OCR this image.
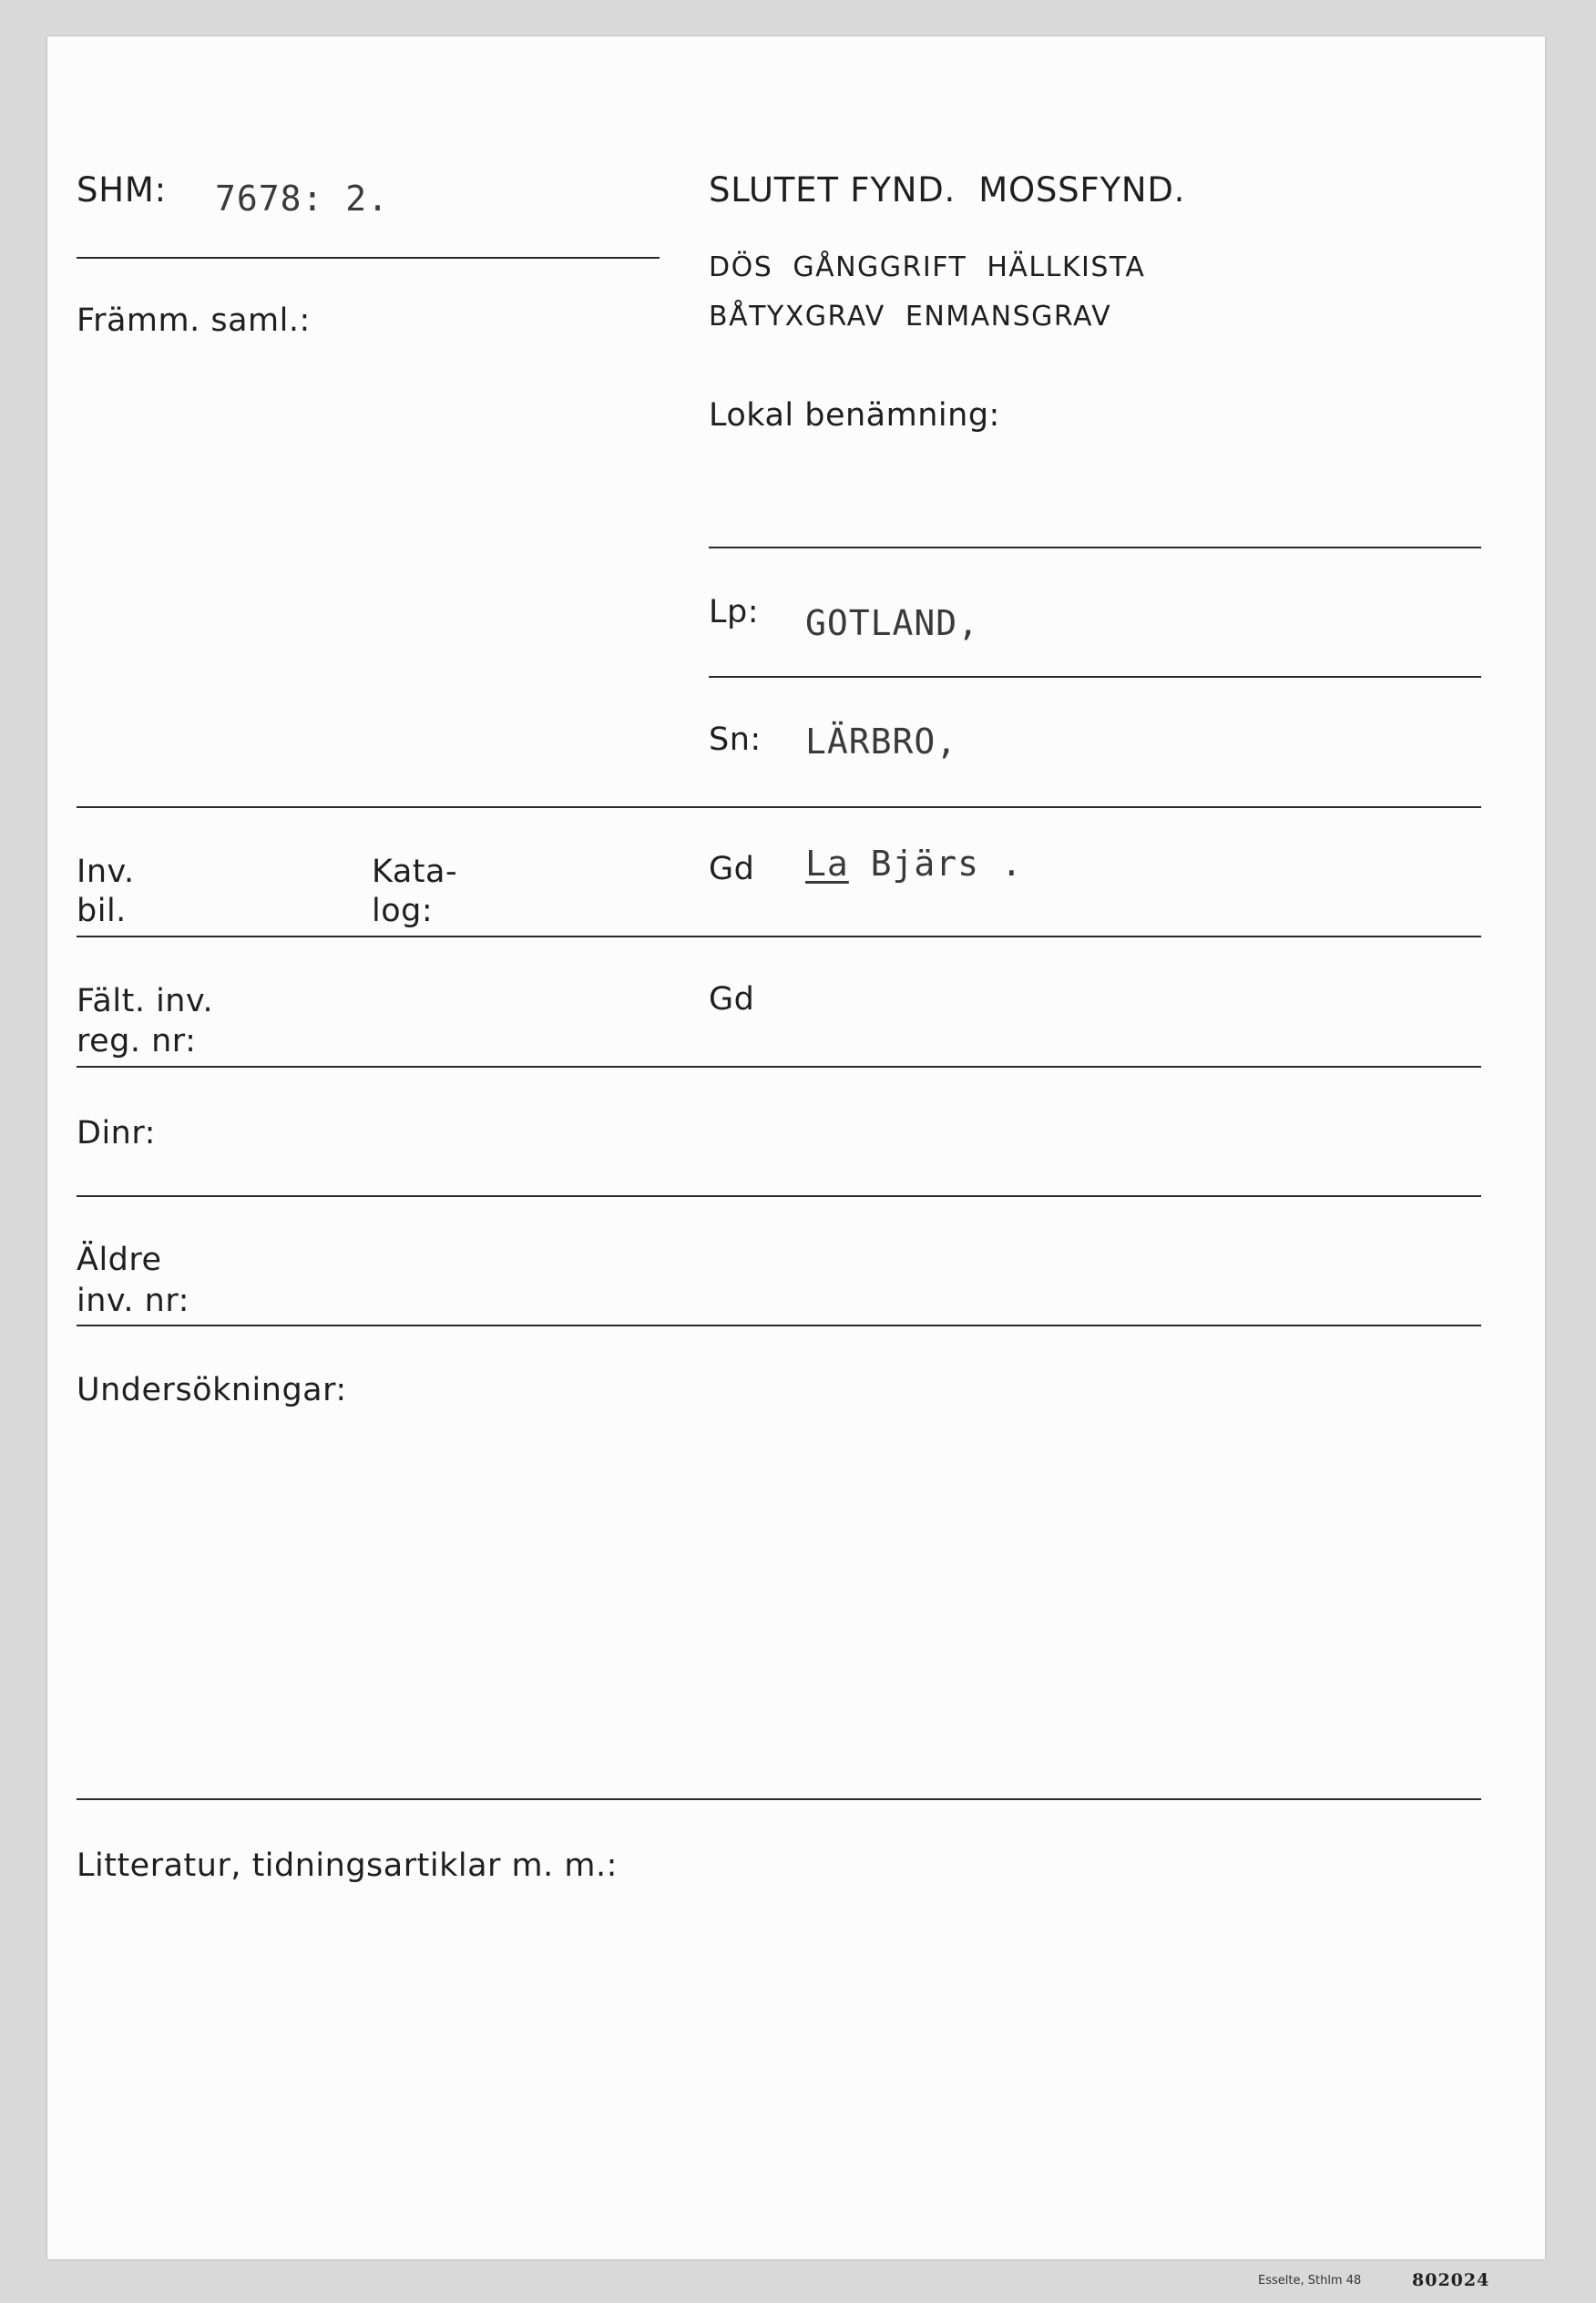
SHM: 7678: 2.	SLUTET FYND.  MOSSFYND.
Främm. saml.:
DÖS  GÅNGGRIFT  HÄLLKISTA
BÅTYXGRAV  ENMANSGRAV
Lokal benämning:
Lp: GOTLAND,
Sn: LÄRBRO,
Inv.
bil.
Kata-
log:
Gd La Bjärs .
Fält. inv.
reg. nr:
Gd
Dinr:
Äldre
inv. nr:
Undersökningar:
Litteratur, tidningsartiklar m. m.:
Esselte, Sthlm 48	802024
